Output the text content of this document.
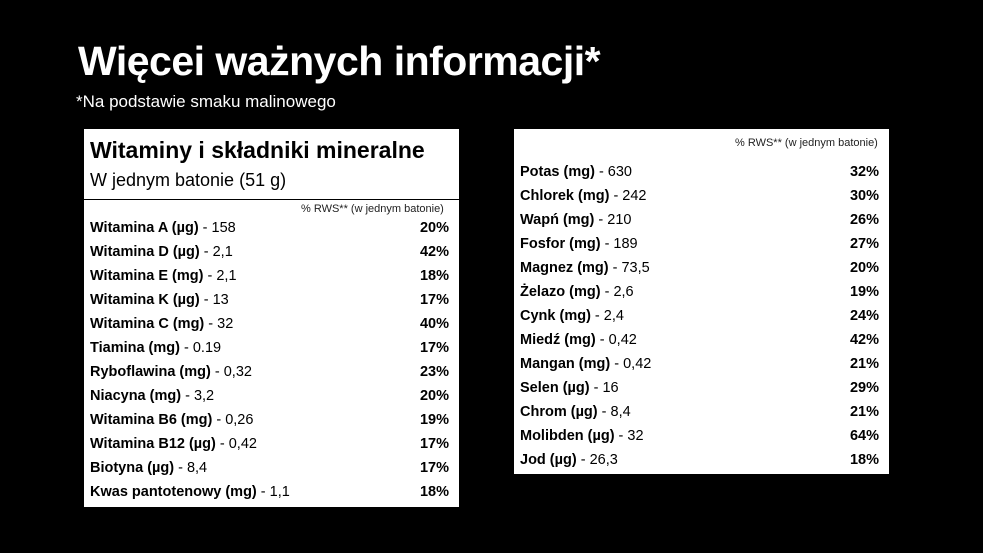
Więcei ważnych informacji*
*Na podstawie smaku malinowego
Witaminy i składniki mineralne
W jednym batonie (51 g)
% RWS** (w jednym batonie)
Witamina A (µg) - 158	20%
Witamina D (µg) - 2,1	42%
Witamina E (mg) - 2,1	18%
Witamina K (µg) - 13	17%
Witamina C (mg) - 32	40%
Tiamina (mg) - 0.19	17%
Ryboflawina (mg) - 0,32	23%
Niacyna (mg) - 3,2	20%
Witamina B6 (mg) - 0,26	19%
Witamina B12 (µg) - 0,42	17%
Biotyna (µg) - 8,4	17%
Kwas pantotenowy (mg) - 1,1	18%
% RWS** (w jednym batonie)
Potas (mg) - 630	32%
Chlorek (mg) - 242	30%
Wapń (mg) - 210	26%
Fosfor (mg) - 189	27%
Magnez (mg) - 73,5	20%
Żelazo (mg) - 2,6	19%
Cynk (mg) - 2,4	24%
Miedź (mg) - 0,42	42%
Mangan (mg) - 0,42	21%
Selen (µg) - 16	29%
Chrom (µg) - 8,4	21%
Molibden (µg) - 32	64%
Jod (µg) - 26,3	18%
